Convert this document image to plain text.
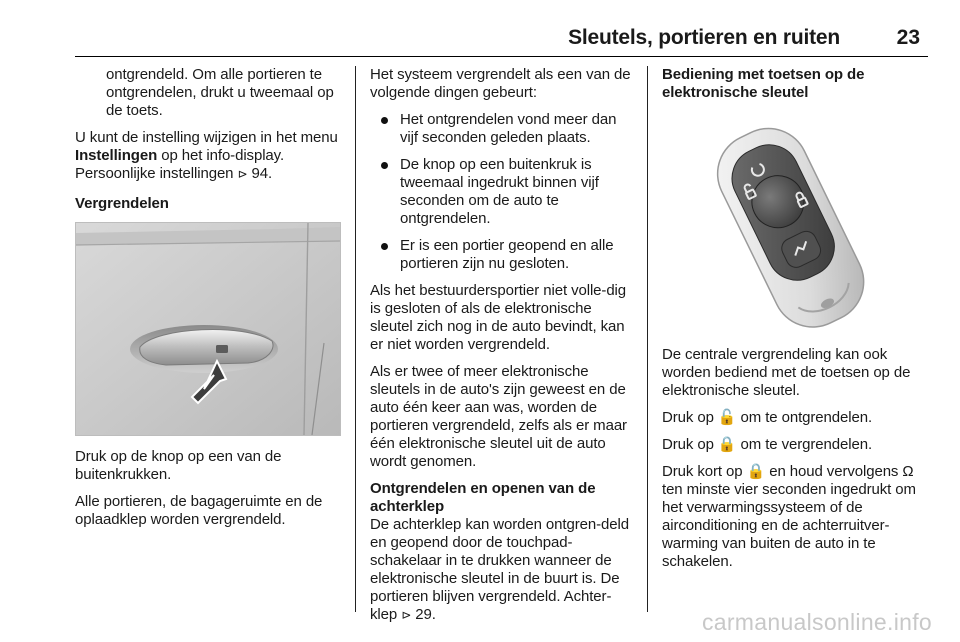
Sleutels, portieren en ruiten	23

ontgrendeld. Om alle portieren te ontgrendelen, drukt u tweemaal op de toets.

U kunt de instelling wijzigen in het menu Instellingen op het info-display. Persoonlijke instellingen ⊳ 94.

Vergrendelen

Druk op de knop op een van de buitenkrukken.

Alle portieren, de bagageruimte en de oplaadklep worden vergrendeld.

Het systeem vergrendelt als een van de volgende dingen gebeurt:

Het ontgrendelen vond meer dan vijf seconden geleden plaats.
De knop op een buitenkruk is tweemaal ingedrukt binnen vijf seconden om de auto te ontgrendelen.
Er is een portier geopend en alle portieren zijn nu gesloten.

Als het bestuurdersportier niet volle-dig is gesloten of als de elektronische sleutel zich nog in de auto bevindt, kan er niet worden vergrendeld.

Als er twee of meer elektronische sleutels in de auto's zijn geweest en de auto één keer aan was, worden de portieren vergrendeld, zelfs als er maar één elektronische sleutel uit de auto wordt genomen.

Ontgrendelen en openen van de achterklep

De achterklep kan worden ontgren-deld en geopend door de touchpad-schakelaar in te drukken wanneer de elektronische sleutel in de buurt is. De portieren blijven vergrendeld. Achter-klep ⊳ 29.

Bediening met toetsen op de elektronische sleutel

De centrale vergrendeling kan ook worden bediend met de toetsen op de elektronische sleutel.

Druk op 🔓 om te ontgrendelen.

Druk op 🔒 om te vergrendelen.

Druk kort op 🔒 en houd vervolgens Ω ten minste vier seconden ingedrukt om het verwarmingssysteem of de airconditioning en de achterruitver-warming van buiten de auto in te schakelen.

carmanualsonline.info
